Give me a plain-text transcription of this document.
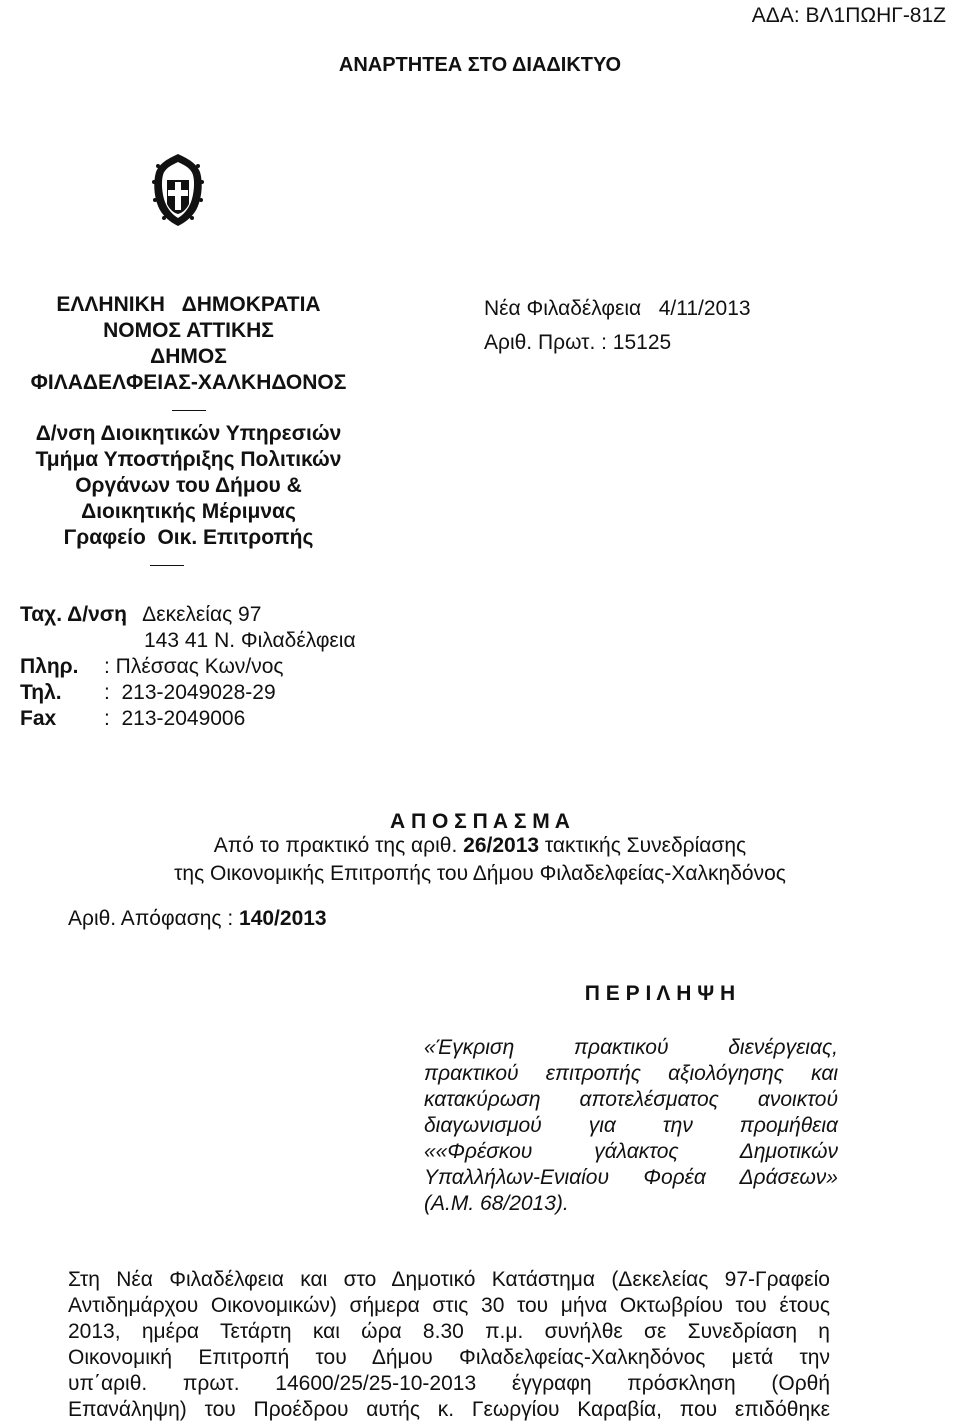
ΑΔΑ: ΒΛ1ΠΩΗΓ-81Ζ
ΑΝΑΡΤΗΤΕΑ ΣΤΟ ΔΙΑΔΙΚΤΥΟ
ΕΛΛΗΝΙΚΗ   ΔΗΜΟΚΡΑΤΙΑ
ΝΟΜΟΣ ΑΤΤΙΚΗΣ
ΔΗΜΟΣ
ΦΙΛΑΔΕΛΦΕΙΑΣ-ΧΑΛΚΗΔΟΝΟΣ
Δ/νση Διοικητικών Υπηρεσιών
Τμήμα Υποστήριξης Πολιτικών
Οργάνων του Δήμου &
Διοικητικής Μέριμνας
Γραφείο  Οικ. Επιτροπής
Νέα Φιλαδέλφεια   4/11/2013
Αριθ. Πρωτ. : 15125
Ταχ. Δ/νση
:   Δεκελείας 97
143 41 Ν. Φιλαδέλφεια
Πληρ. : Πλέσσας Κων/νος
Τηλ. :  213-2049028-29
Fax :  213-2049006
Α Π Ο Σ Π Α Σ Μ Α
Από το πρακτικό της αριθ. 26/2013 τακτικής Συνεδρίασης
της Οικονομικής Επιτροπής του Δήμου Φιλαδελφείας-Χαλκηδόνος
Αριθ. Απόφασης : 140/2013
Π Ε Ρ Ι Λ Η Ψ Η
«Έγκριση πρακτικού διενέργειας,
πρακτικού επιτροπής αξιολόγησης και
κατακύρωση αποτελέσματος ανοικτού
διαγωνισμού για την προμήθεια
««Φρέσκου γάλακτος Δημοτικών
Υπαλλήλων-Ενιαίου Φορέα Δράσεων»
(Α.Μ. 68/2013).
Στη Νέα Φιλαδέλφεια και στο Δημοτικό Κατάστημα (Δεκελείας 97-Γραφείο
Αντιδημάρχου Οικονομικών) σήμερα στις 30 του μήνα Οκτωβρίου του έτους
2013, ημέρα Τετάρτη και ώρα 8.30 π.μ. συνήλθε σε Συνεδρίαση η
Οικονομική Επιτροπή του Δήμου Φιλαδελφείας-Χαλκηδόνος μετά την
υπ΄αριθ. πρωτ. 14600/25/25-10-2013 έγγραφη πρόσκληση (Ορθή
Επανάληψη) του Προέδρου αυτής κ. Γεωργίου Καραβία, που επιδόθηκε
